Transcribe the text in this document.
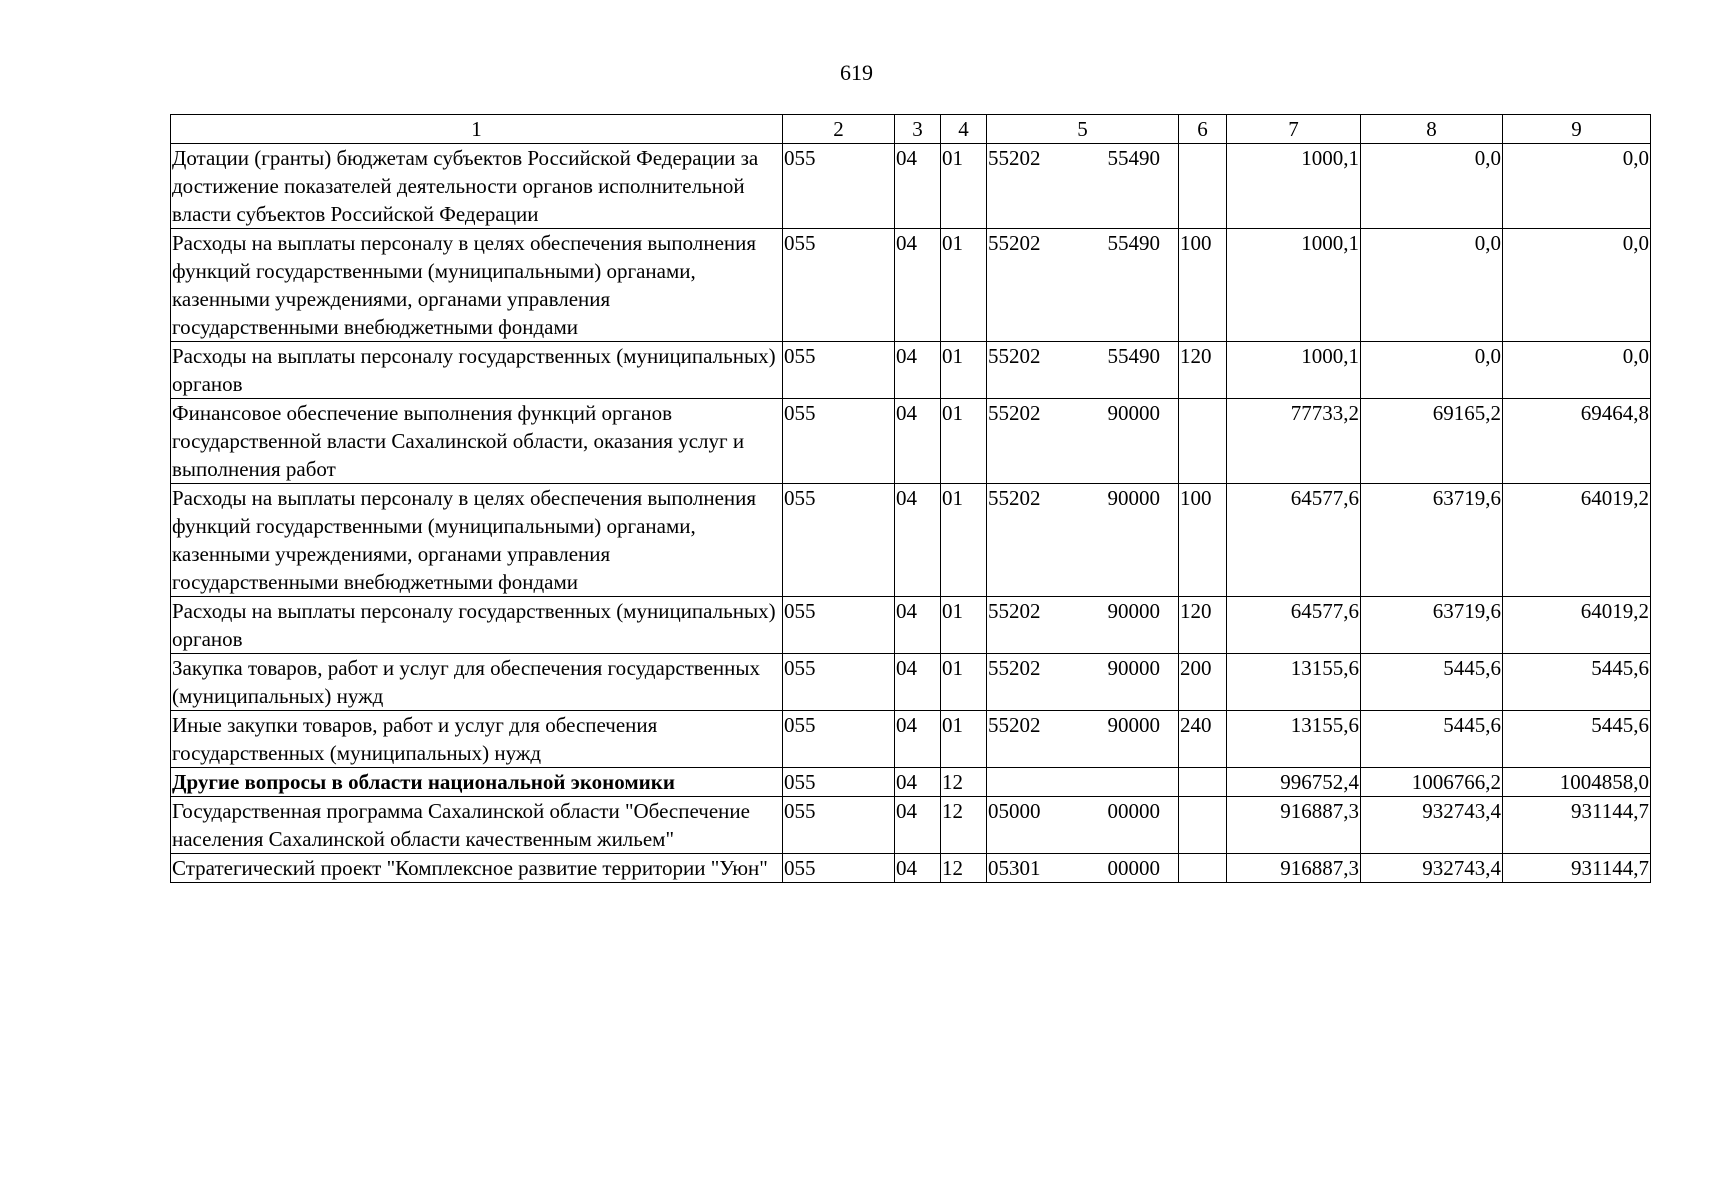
619
1	2	3	4	5	6	7	8	9
Дотации (гранты) бюджетам субъектов Российской Федерации за достижение показателей деятельности органов исполнительной власти субъектов Российской Федерации	055	04	01	55202 55490		1000,1	0,0	0,0
Расходы на выплаты персоналу в целях обеспечения выполнения функций государственными (муниципальными) органами, казенными учреждениями, органами управления государственными внебюджетными фондами	055	04	01	55202 55490	100	1000,1	0,0	0,0
Расходы на выплаты персоналу государственных (муниципальных) органов	055	04	01	55202 55490	120	1000,1	0,0	0,0
Финансовое обеспечение выполнения функций органов государственной власти Сахалинской области, оказания услуг и выполнения работ	055	04	01	55202 90000		77733,2	69165,2	69464,8
Расходы на выплаты персоналу в целях обеспечения выполнения функций государственными (муниципальными) органами, казенными учреждениями, органами управления государственными внебюджетными фондами	055	04	01	55202 90000	100	64577,6	63719,6	64019,2
Расходы на выплаты персоналу государственных (муниципальных) органов	055	04	01	55202 90000	120	64577,6	63719,6	64019,2
Закупка товаров, работ и услуг для обеспечения государственных (муниципальных) нужд	055	04	01	55202 90000	200	13155,6	5445,6	5445,6
Иные закупки товаров, работ и услуг для обеспечения государственных (муниципальных) нужд	055	04	01	55202 90000	240	13155,6	5445,6	5445,6
Другие вопросы в области национальной экономики	055	04	12			996752,4	1006766,2	1004858,0
Государственная программа Сахалинской области "Обеспечение населения Сахалинской области качественным жильем"	055	04	12	05000 00000		916887,3	932743,4	931144,7
Стратегический проект "Комплексное развитие территории "Уюн"	055	04	12	05301 00000		916887,3	932743,4	931144,7
